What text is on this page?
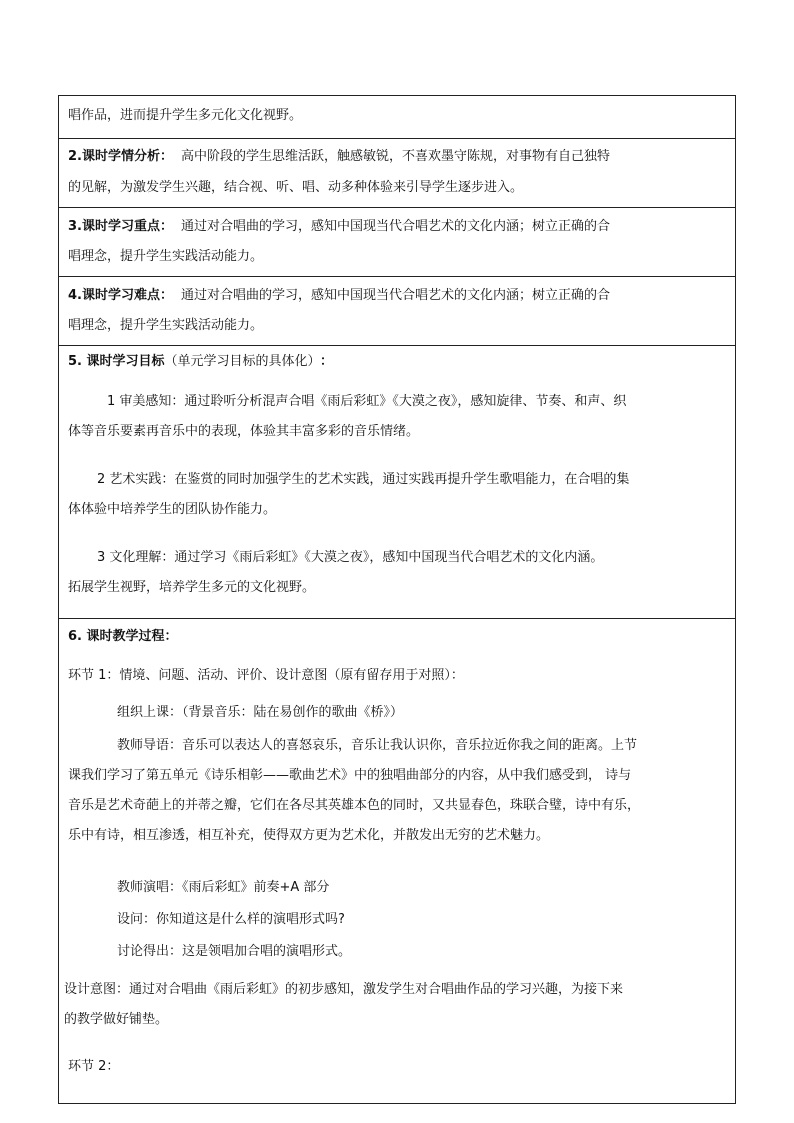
唱作品，进而提升学生多元化文化视野。
2.课时学情分析： 高中阶段的学生思维活跃，触感敏锐，不喜欢墨守陈规，对事物有自己独特
的见解，为激发学生兴趣，结合视、听、唱、动多种体验来引导学生逐步进入。
3.课时学习重点： 通过对合唱曲的学习，感知中国现当代合唱艺术的文化内涵；树立正确的合
唱理念，提升学生实践活动能力。
4.课时学习难点： 通过对合唱曲的学习，感知中国现当代合唱艺术的文化内涵；树立正确的合
唱理念，提升学生实践活动能力。
5. 课时学习目标（单元学习目标的具体化） ：
1 审美感知：通过聆听分析混声合唱《雨后彩虹》《大漠之夜》，感知旋律、节奏、和声、织
体等音乐要素再音乐中的表现，体验其丰富多彩的音乐情绪。
2 艺术实践：在鉴赏的同时加强学生的艺术实践，通过实践再提升学生歌唱能力，在合唱的集
体体验中培养学生的团队协作能力。
3 文化理解：通过学习《雨后彩虹》《大漠之夜》，感知中国现当代合唱艺术的文化内涵。
拓展学生视野，培养学生多元的文化视野。
6. 课时教学过程：
环节 1：情境、问题、活动、评价、设计意图（原有留存用于对照）：
组织上课：（背景音乐：陆在易创作的歌曲《桥》）
教师导语：音乐可以表达人的喜怒哀乐，音乐让我认识你，音乐拉近你我之间的距离。上节
课我们学习了第五单元《诗乐相彰——歌曲艺术》中的独唱曲部分的内容，从中我们感受到， 诗与
音乐是艺术奇葩上的并蒂之瓣，它们在各尽其英雄本色的同时，又共显春色，珠联合璧，诗中有乐，
乐中有诗，相互渗透，相互补充，使得双方更为艺术化，并散发出无穷的艺术魅力。
教师演唱：《雨后彩虹》前奏+A 部分
设问：你知道这是什么样的演唱形式吗?
讨论得出：这是领唱加合唱的演唱形式。
设计意图：通过对合唱曲《雨后彩虹》的初步感知，激发学生对合唱曲作品的学习兴趣，为接下来
的教学做好铺垫。
环节 2：
